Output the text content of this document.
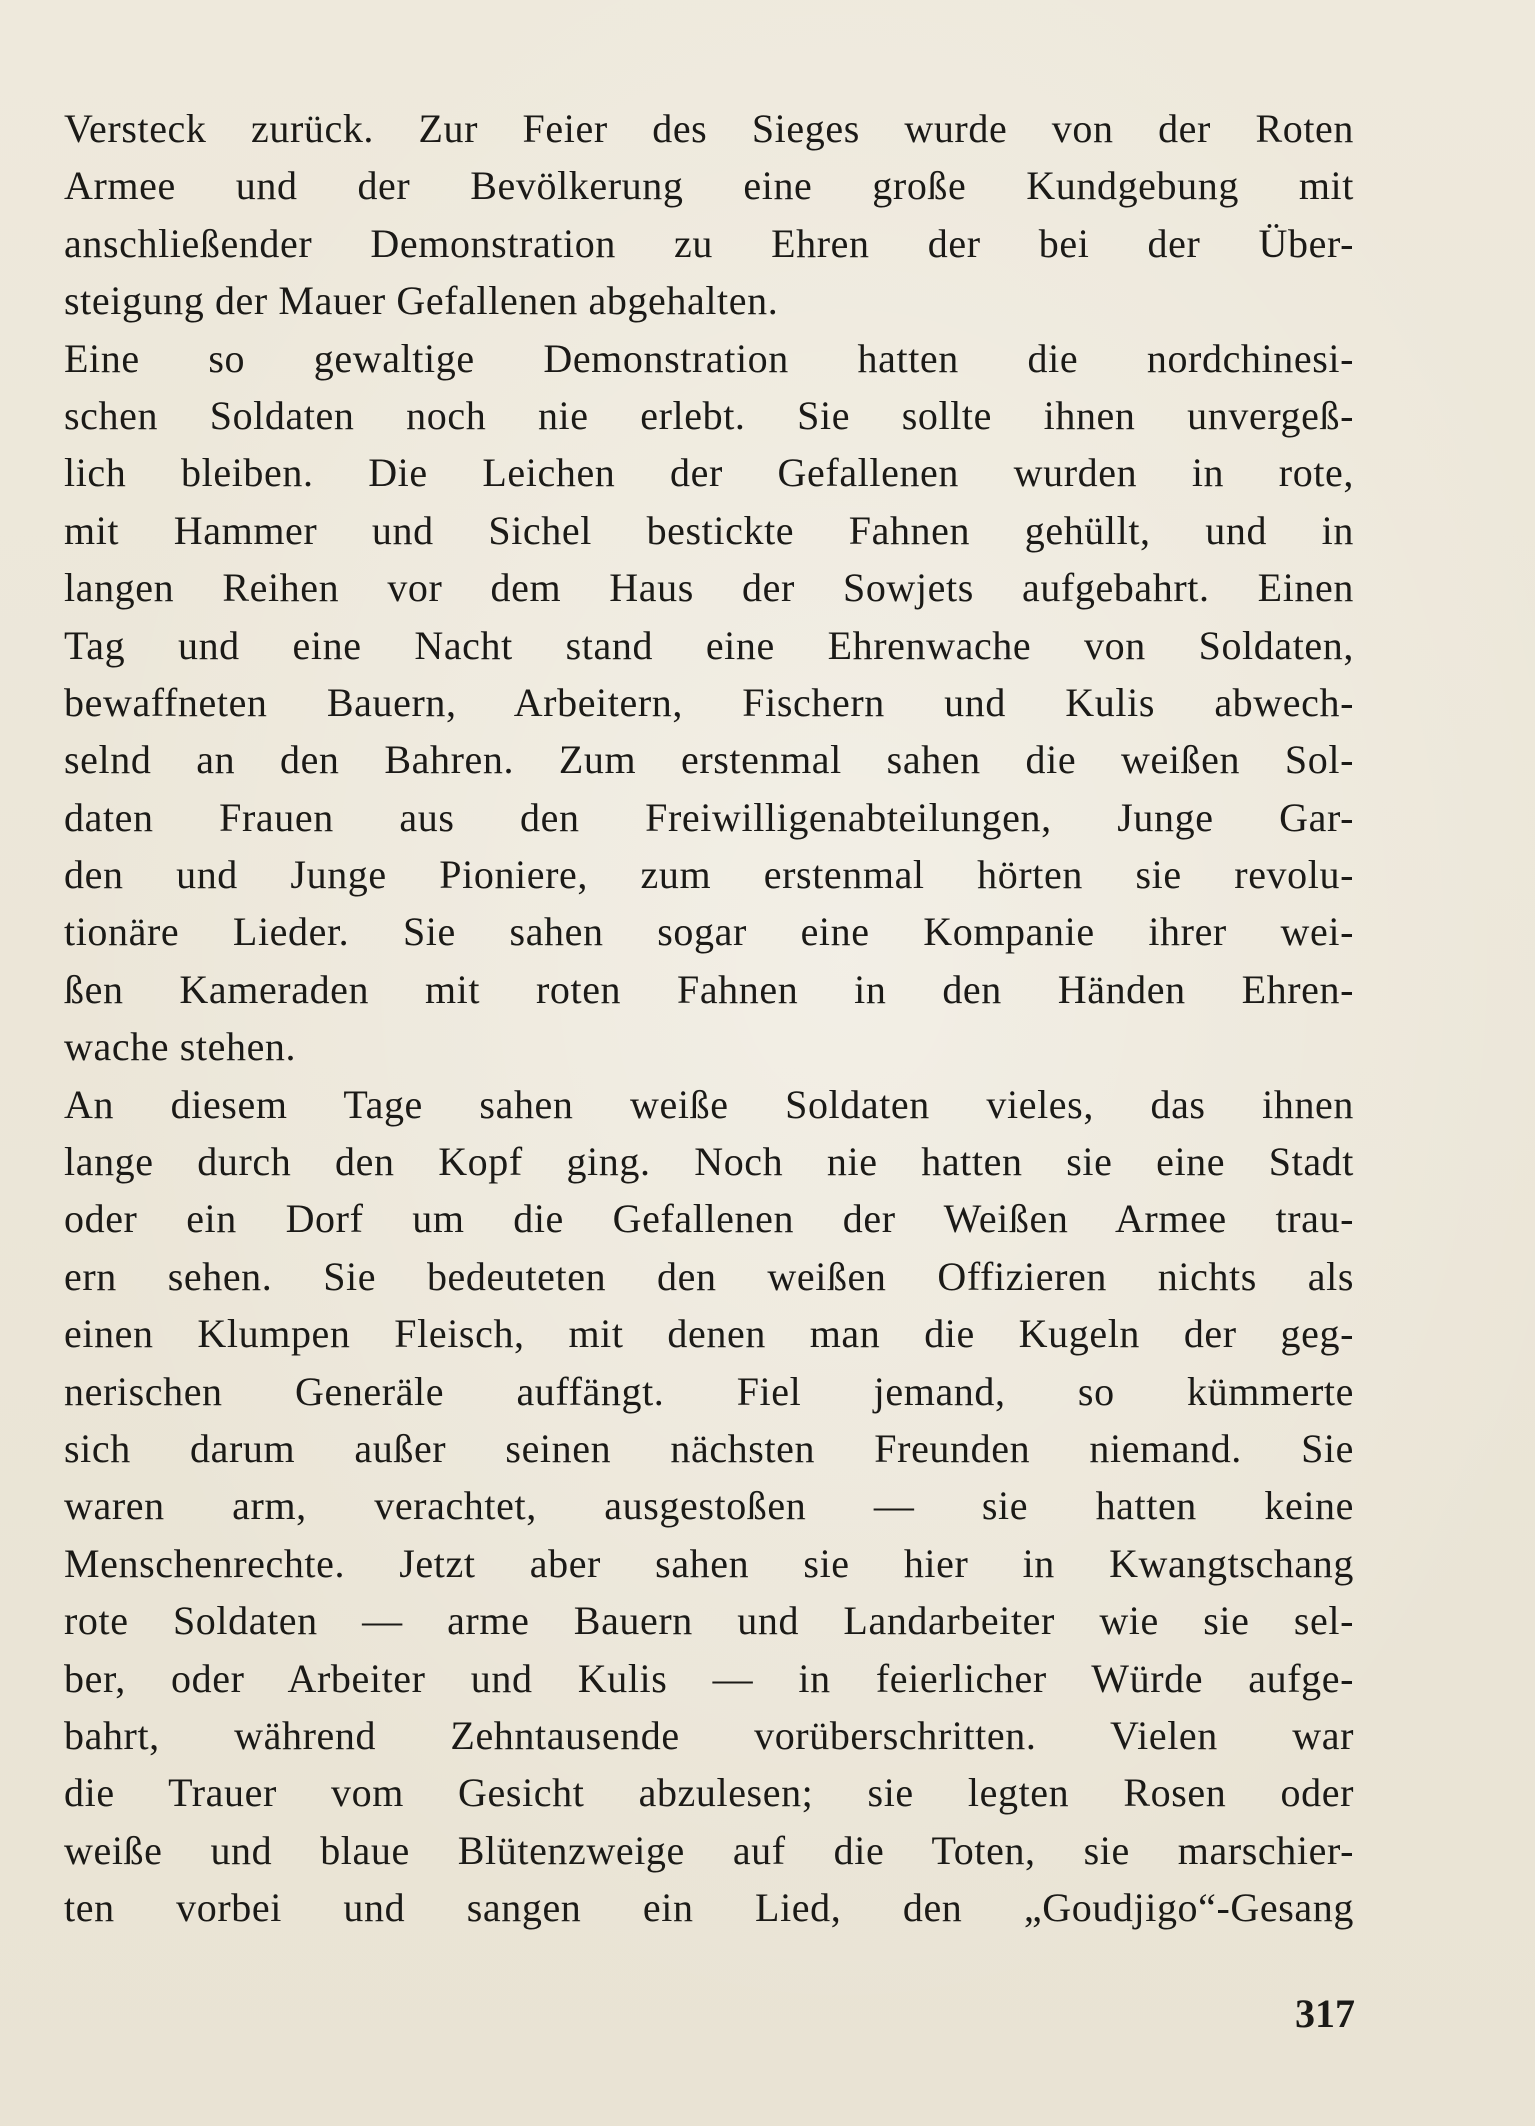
Versteck zurück. Zur Feier des Sieges wurde von der Roten
Armee und der Bevölkerung eine große Kundgebung mit
anschließender Demonstration zu Ehren der bei der Über-
steigung der Mauer Gefallenen abgehalten.
Eine so gewaltige Demonstration hatten die nordchinesi-
schen Soldaten noch nie erlebt. Sie sollte ihnen unvergeß-
lich bleiben. Die Leichen der Gefallenen wurden in rote,
mit Hammer und Sichel bestickte Fahnen gehüllt, und in
langen Reihen vor dem Haus der Sowjets aufgebahrt. Einen
Tag und eine Nacht stand eine Ehrenwache von Soldaten,
bewaffneten Bauern, Arbeitern, Fischern und Kulis abwech-
selnd an den Bahren. Zum erstenmal sahen die weißen Sol-
daten Frauen aus den Freiwilligenabteilungen, Junge Gar-
den und Junge Pioniere, zum erstenmal hörten sie revolu-
tionäre Lieder. Sie sahen sogar eine Kompanie ihrer wei-
ßen Kameraden mit roten Fahnen in den Händen Ehren-
wache stehen.
An diesem Tage sahen weiße Soldaten vieles, das ihnen
lange durch den Kopf ging. Noch nie hatten sie eine Stadt
oder ein Dorf um die Gefallenen der Weißen Armee trau-
ern sehen. Sie bedeuteten den weißen Offizieren nichts als
einen Klumpen Fleisch, mit denen man die Kugeln der geg-
nerischen Generäle auffängt. Fiel jemand, so kümmerte
sich darum außer seinen nächsten Freunden niemand. Sie
waren arm, verachtet, ausgestoßen — sie hatten keine
Menschenrechte. Jetzt aber sahen sie hier in Kwangtschang
rote Soldaten — arme Bauern und Landarbeiter wie sie sel-
ber, oder Arbeiter und Kulis — in feierlicher Würde aufge-
bahrt, während Zehntausende vorüberschritten. Vielen war
die Trauer vom Gesicht abzulesen; sie legten Rosen oder
weiße und blaue Blütenzweige auf die Toten, sie marschier-
ten vorbei und sangen ein Lied, den „Goudjigo“-Gesang
317
